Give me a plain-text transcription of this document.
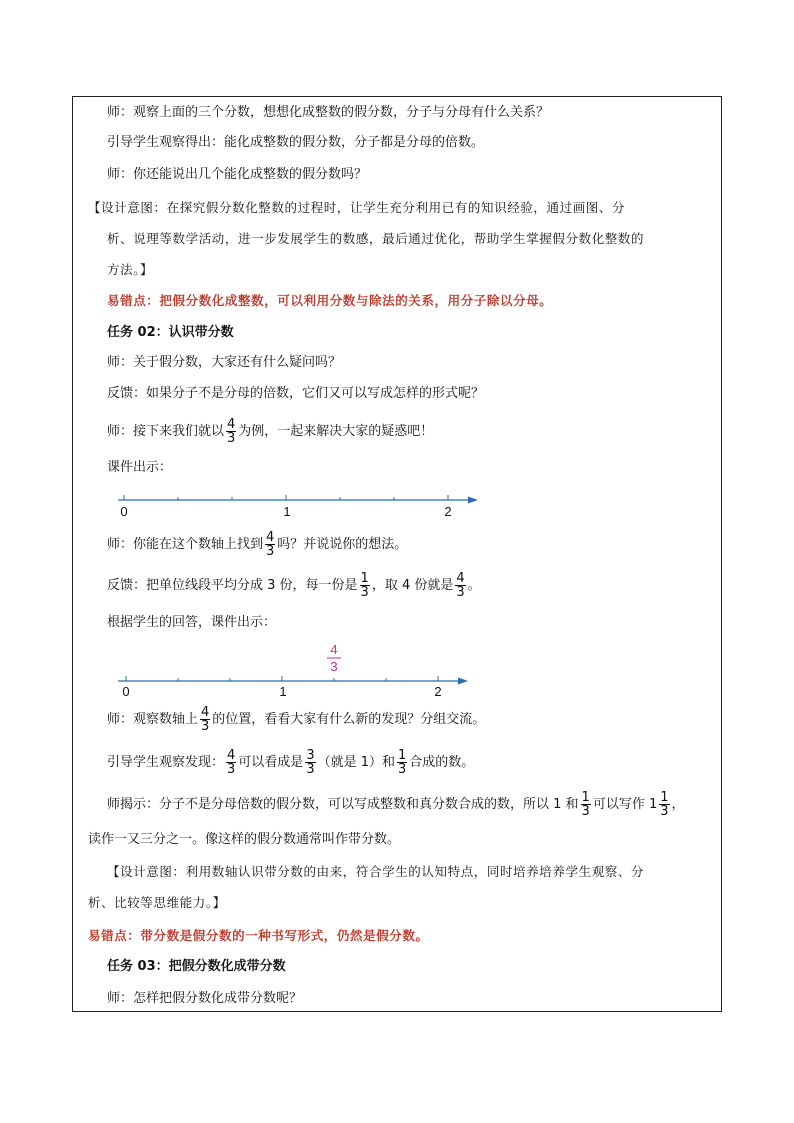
师：观察上面的三个分数，想想化成整数的假分数，分子与分母有什么关系？
引导学生观察得出：能化成整数的假分数，分子都是分母的倍数。
师：你还能说出几个能化成整数的假分数吗？
【设计意图：在探究假分数化整数的过程时，让学生充分利用已有的知识经验，通过画图、分
析、说理等数学活动，进一步发展学生的数感，最后通过优化，帮助学生掌握假分数化整数的
方法。】
易错点：把假分数化成整数，可以利用分数与除法的关系，用分子除以分母。
任务 02：认识带分数
师：关于假分数，大家还有什么疑问吗？
反馈：如果分子不是分母的倍数，它们又可以写成怎样的形式呢？
师：接下来我们就以 $\frac{4}{3}$ 为例，一起来解决大家的疑惑吧！
课件出示：
0	1	2
师：你能在这个数轴上找到 $\frac{4}{3}$ 吗？并说说你的想法。
反馈：把单位线段平均分成 3 份，每一份是 $\frac{1}{3}$ ，取 4 份就是 $\frac{4}{3}$ 。
根据学生的回答，课件出示：
4
3
0	1	2
师：观察数轴上 $\frac{4}{3}$ 的位置，看看大家有什么新的发现？分组交流。
引导学生观察发现： $\frac{4}{3}$ 可以看成是 $\frac{3}{3}$ （就是 1）和 $\frac{1}{3}$ 合成的数。
师揭示：分子不是分母倍数的假分数，可以写成整数和真分数合成的数，所以 1 和 $\frac{1}{3}$ 可以写作 $1 \frac{1}{3}$ ，
读作一又三分之一。像这样的假分数通常叫作带分数。
【设计意图：利用数轴认识带分数的由来，符合学生的认知特点，同时培养培养学生观察、分
析、比较等思维能力。】
易错点：带分数是假分数的一种书写形式，仍然是假分数。
任务 03：把假分数化成带分数
师：怎样把假分数化成带分数呢？
